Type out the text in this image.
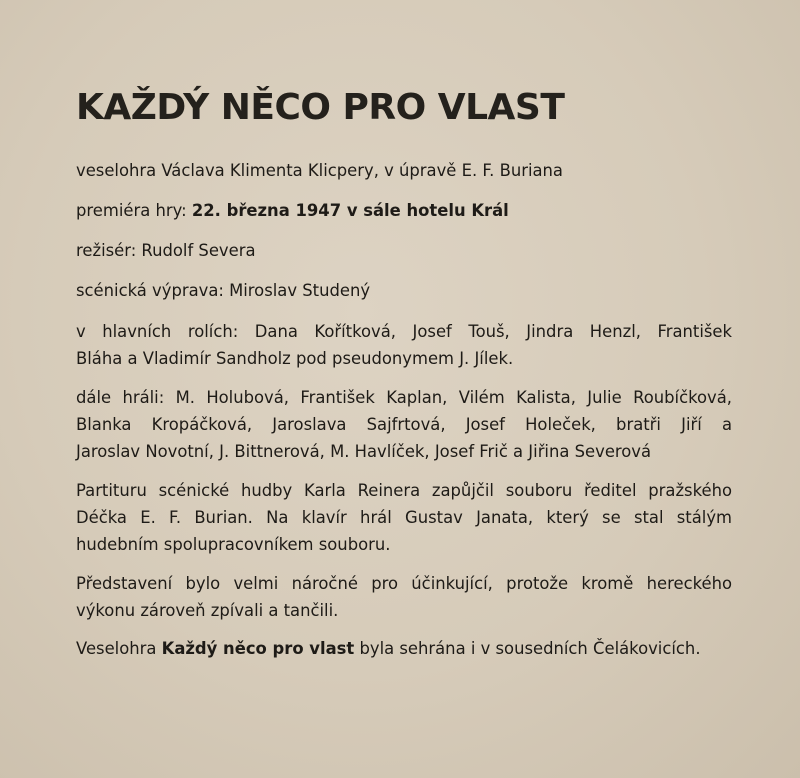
KAŽDÝ NĚCO PRO VLAST

veselohra Václava Klimenta Klicpery, v úpravě E. F. Buriana

premiéra hry: 22. března 1947 v sále hotelu Král

režisér: Rudolf Severa

scénická výprava: Miroslav Studený

v hlavních rolích: Dana Kořítková, Josef Touš, Jindra Henzl, František
Bláha a Vladimír Sandholz pod pseudonymem J. Jílek.

dále hráli: M. Holubová, František Kaplan, Vilém Kalista, Julie Roubíčková,
Blanka Kropáčková, Jaroslava Sajfrtová, Josef Holeček, bratři Jiří a
Jaroslav Novotní, J. Bittnerová, M. Havlíček, Josef Frič a Jiřina Severová

Partituru scénické hudby Karla Reinera zapůjčil souboru ředitel pražského
Déčka E. F. Burian. Na klavír hrál Gustav Janata, který se stal stálým
hudebním spolupracovníkem souboru.

Představení bylo velmi náročné pro účinkující, protože kromě hereckého
výkonu zároveň zpívali a tančili.

Veselohra Každý něco pro vlast byla sehrána i v sousedních Čelákovicích.
